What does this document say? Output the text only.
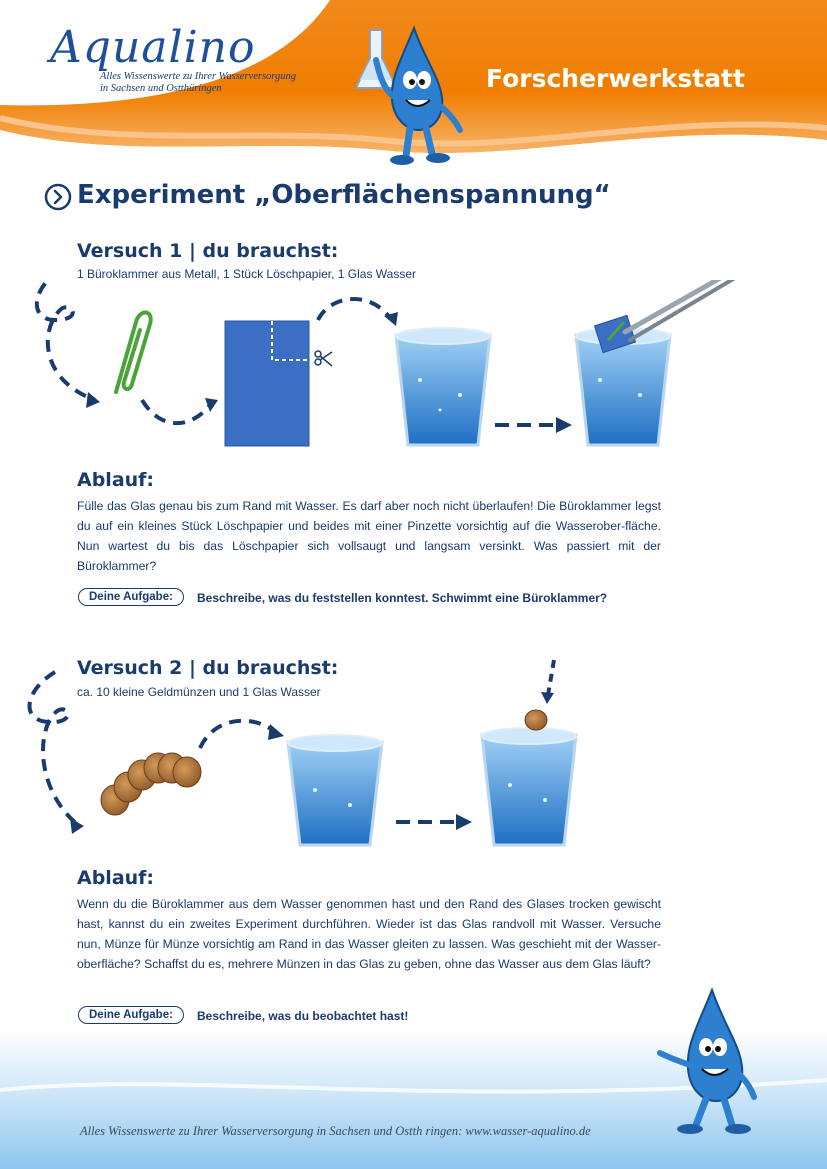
Aqualino
Alles Wissenswerte zu Ihrer Wasserversorgung
in Sachsen und Ostthüringen	Forscherwerkstatt
Experiment „Oberflächenspannung“
Versuch 1 | du brauchst:
1 Büroklammer aus Metall, 1 Stück Löschpapier, 1 Glas Wasser
Ablauf:
Fülle das Glas genau bis zum Rand mit Wasser. Es darf aber noch nicht überlaufen! Die Büroklammer legst du auf ein kleines Stück Löschpapier und beides mit einer Pinzette vorsichtig auf die Wasserober-fläche. Nun wartest du bis das Löschpapier sich vollsaugt und langsam versinkt. Was passiert mit der Büroklammer?
Deine Aufgabe:	Beschreibe, was du feststellen konntest. Schwimmt eine Büroklammer?
Versuch 2 | du brauchst:
ca. 10 kleine Geldmünzen und 1 Glas Wasser
Ablauf:
Wenn du die Büroklammer aus dem Wasser genommen hast und den Rand des Glases trocken gewischt hast, kannst du ein zweites Experiment durchführen. Wieder ist das Glas randvoll mit Wasser. Versuche nun, Münze für Münze vorsichtig am Rand in das Wasser gleiten zu lassen. Was geschieht mit der Wasser-oberfläche? Schaffst du es, mehrere Münzen in das Glas zu geben, ohne das Wasser aus dem Glas läuft?
Deine Aufgabe:	Beschreibe, was du beobachtet hast!
Alles Wissenswerte zu Ihrer Wasserversorgung in Sachsen und Ostth ringen: www.wasser-aqualino.de
